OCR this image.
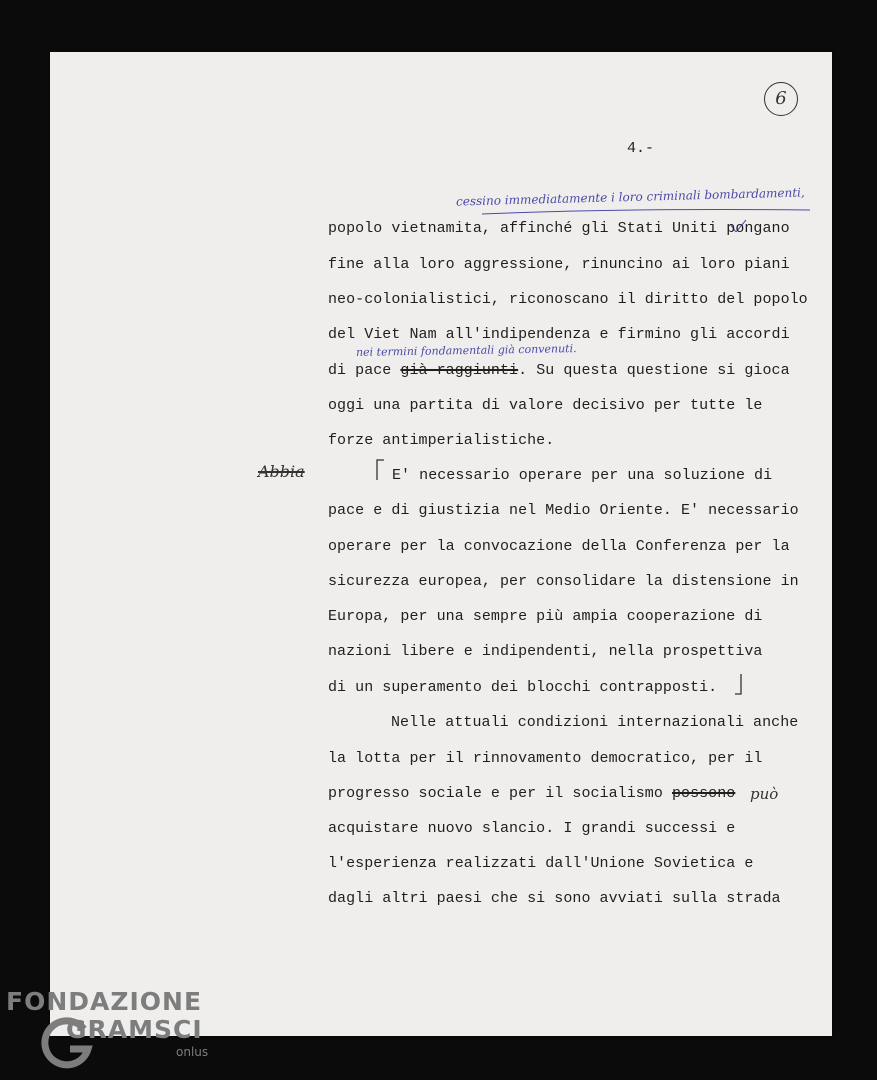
6
4.-
cessino immediatamente i loro criminali bombardamenti,
popolo vietnamita, affinché gli Stati Uniti pongano
fine alla loro aggressione, rinuncino ai loro piani
neo-colonialistici, riconoscano il diritto del popolo
del Viet Nam all'indipendenza e firmino gli accordi
nei termini fondamentali già convenuti.
di pace già raggiunti. Su questa questione si gioca
oggi una partita di valore decisivo per tutte le
forze antimperialistiche.
Abbia	E' necessario operare per una soluzione di
pace e di giustizia nel Medio Oriente. E' necessario
operare per la convocazione della Conferenza per la
sicurezza europea, per consolidare la distensione in
Europa, per una sempre più ampia cooperazione di
nazioni libere e indipendenti, nella prospettiva
di un superamento dei blocchi contrapposti.
Nelle attuali condizioni internazionali anche
la lotta per il rinnovamento democratico, per il
progresso sociale e per il socialismo possono può
acquistare nuovo slancio. I grandi successi e
l'esperienza realizzati dall'Unione Sovietica e
dagli altri paesi che si sono avviati sulla strada
FONDAZIONE
GRAMSCI
onlus
